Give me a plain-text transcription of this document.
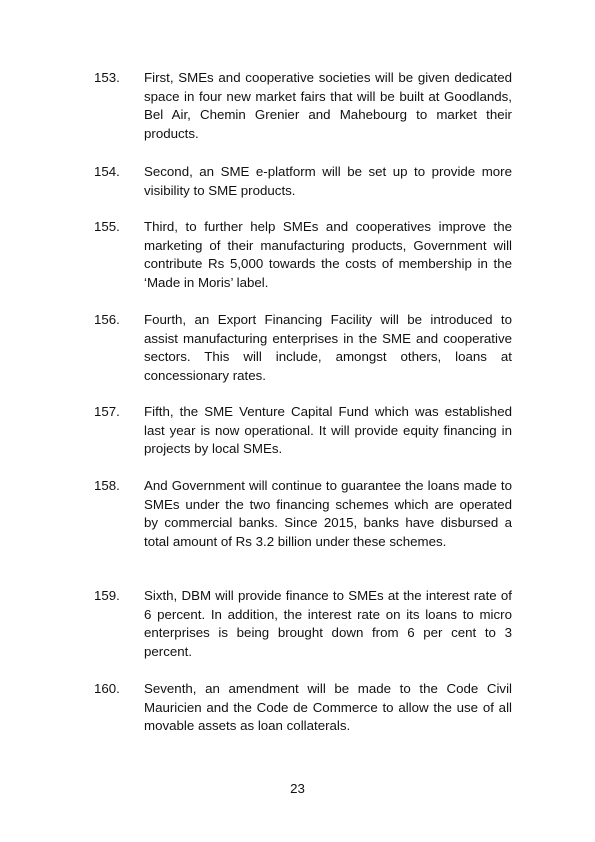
153.	First, SMEs and cooperative societies will be given dedicated space in four new market fairs that will be built at Goodlands, Bel Air, Chemin Grenier and Mahebourg to market their products.
154.	Second, an SME e-platform will be set up to provide more visibility to SME products.
155.	Third, to further help SMEs and cooperatives improve the marketing of their manufacturing products, Government will contribute Rs 5,000 towards the costs of membership in the ‘Made in Moris’ label.
156.	Fourth, an Export Financing Facility will be introduced to assist manufacturing enterprises in the SME and cooperative sectors. This will include, amongst others, loans at concessionary rates.
157.	Fifth, the SME Venture Capital Fund which was established last year is now operational. It will provide equity financing in projects by local SMEs.
158.	And Government will continue to guarantee the loans made to SMEs under the two financing schemes which are operated by commercial banks. Since 2015, banks have disbursed a total amount of Rs 3.2 billion under these schemes.
159.	Sixth, DBM will provide finance to SMEs at the interest rate of 6 percent. In addition, the interest rate on its loans to micro enterprises is being brought down from 6 per cent to 3 percent.
160.	Seventh, an amendment will be made to the Code Civil Mauricien and the Code de Commerce to allow the use of all movable assets as loan collaterals.
23
